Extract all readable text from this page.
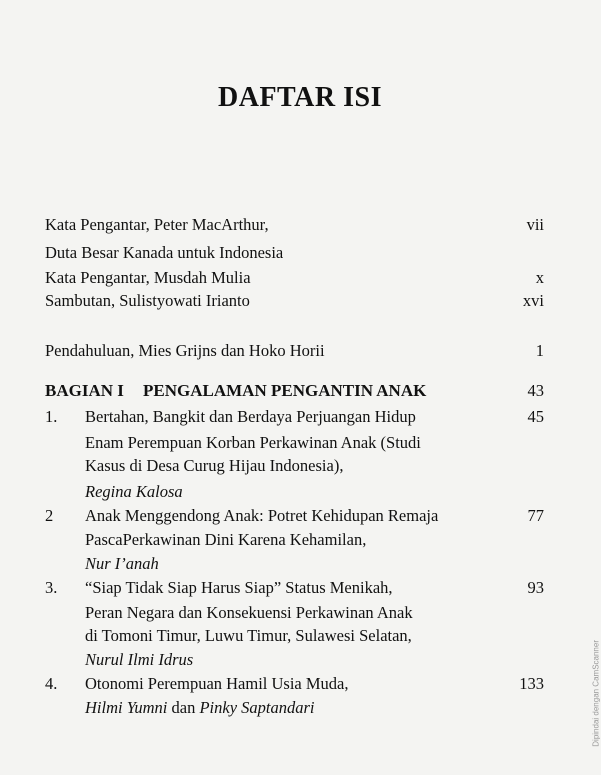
DAFTAR ISI
Kata Pengantar, Peter MacArthur,	vii
Duta Besar Kanada untuk Indonesia
Kata Pengantar, Musdah Mulia	x
Sambutan, Sulistyowati Irianto	xvi
Pendahuluan, Mies Grijns dan Hoko Horii	1
BAGIAN I PENGALAMAN PENGANTIN ANAK	43
1. Bertahan, Bangkit dan Berdaya Perjuangan Hidup	45
Enam Perempuan Korban Perkawinan Anak (Studi
Kasus di Desa Curug Hijau Indonesia),
Regina Kalosa
2 Anak Menggendong Anak: Potret Kehidupan Remaja	77
PascaPerkawinan Dini Karena Kehamilan,
Nur I’anah
3. “Siap Tidak Siap Harus Siap” Status Menikah,	93
Peran Negara dan Konsekuensi Perkawinan Anak
di Tomoni Timur, Luwu Timur, Sulawesi Selatan,
Nurul Ilmi Idrus
4. Otonomi Perempuan Hamil Usia Muda,	133
Hilmi Yumni dan Pinky Saptandari	Dipindai dengan CamScanner
